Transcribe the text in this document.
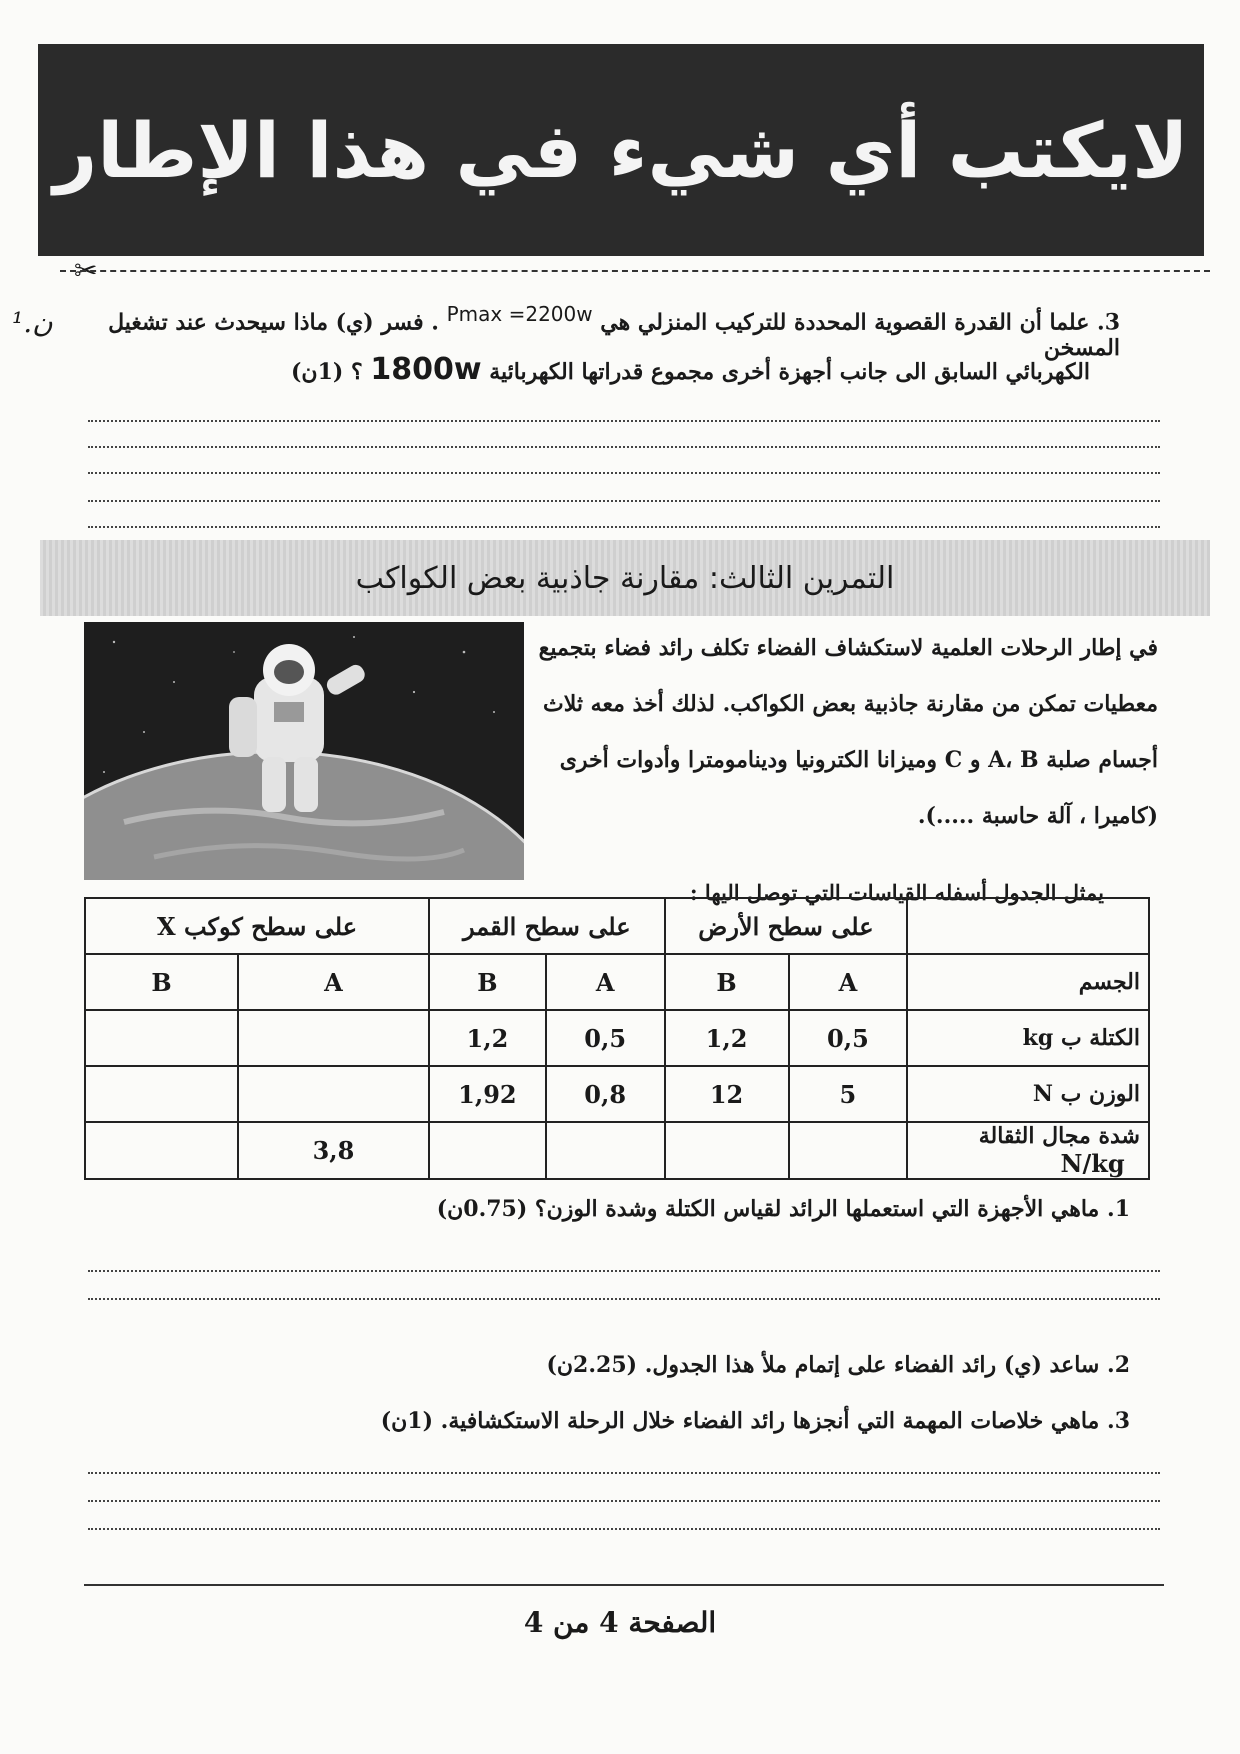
لايكتب أي شيء في هذا الإطار
✂
ن.¹	3. علما أن القدرة القصوية المحددة للتركيب المنزلي هي Pmax =2200w . فسر (ي) ماذا سيحدث عند تشغيل المسخن
الكهربائي السابق الى جانب أجهزة أخرى مجموع قدراتها الكهربائية 1800w ؟ (1ن)
التمرين الثالث: مقارنة جاذبية بعض الكواكب
في إطار الرحلات العلمية لاستكشاف الفضاء تكلف رائد فضاء بتجميع
معطيات تمكن من مقارنة جاذبية بعض الكواكب. لذلك أخذ معه ثلاث
أجسام صلبة A، B و C وميزانا الكترونيا ودينامومترا وأدوات أخرى
(كاميرا ، آلة حاسبة .....).
يمثل الجدول أسفله القياسات التي توصل اليها :
	على سطح الأرض		على سطح القمر		على سطح كوكب X	
الجسم	A	B	A	B	A	B
الكتلة ب kg	0,5	1,2	0,5	1,2		
الوزن ب N	5	12	0,8	1,92		
شدة مجال الثقالة   N/kg					3,8	
1. ماهي الأجهزة التي استعملها الرائد لقياس الكتلة وشدة الوزن؟ (0.75ن)
2. ساعد (ي) رائد الفضاء على إتمام ملأ هذا الجدول. (2.25ن)
3. ماهي خلاصات المهمة التي أنجزها رائد الفضاء خلال الرحلة الاستكشافية. (1ن)
الصفحة 4 من 4
